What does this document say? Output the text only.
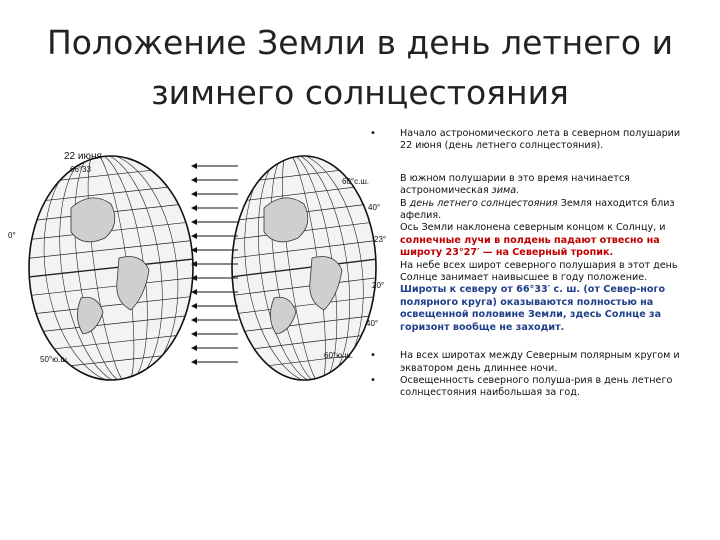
Положение Земли в день летнего и
зимнего солнцестояния
22 июня
66°33
0°
50°ю.ш.
60°с.ш.
40°
23°
20°
40°
60°ю.ш.
•	Начало астрономического лета в северном полушарии 22 июня (день летнего солнцестояния).

В южном полушарии в это время начинается астрономическая зима.

В день летнего солнцестояния Земля находится близ афелия.

Ось Земли наклонена северным концом к Солнцу, и солнечные лучи в полдень падают отвесно на широту 23°27′ — на Северный тропик.

На небе всех широт северного полушария в этот день Солнце занимает наивысшее в году положение.

Широты к северу от 66°33′ с. ш. (от Север-ного полярного круга) оказываются полностью на освещенной половине Земли, здесь Солнце за горизонт вообще не заходит.

•	На всех широтах между Северным полярным кругом и экватором день длиннее ночи.

•	Освещенность северного полуша-рия в день летнего солнцестояния наибольшая за год.
